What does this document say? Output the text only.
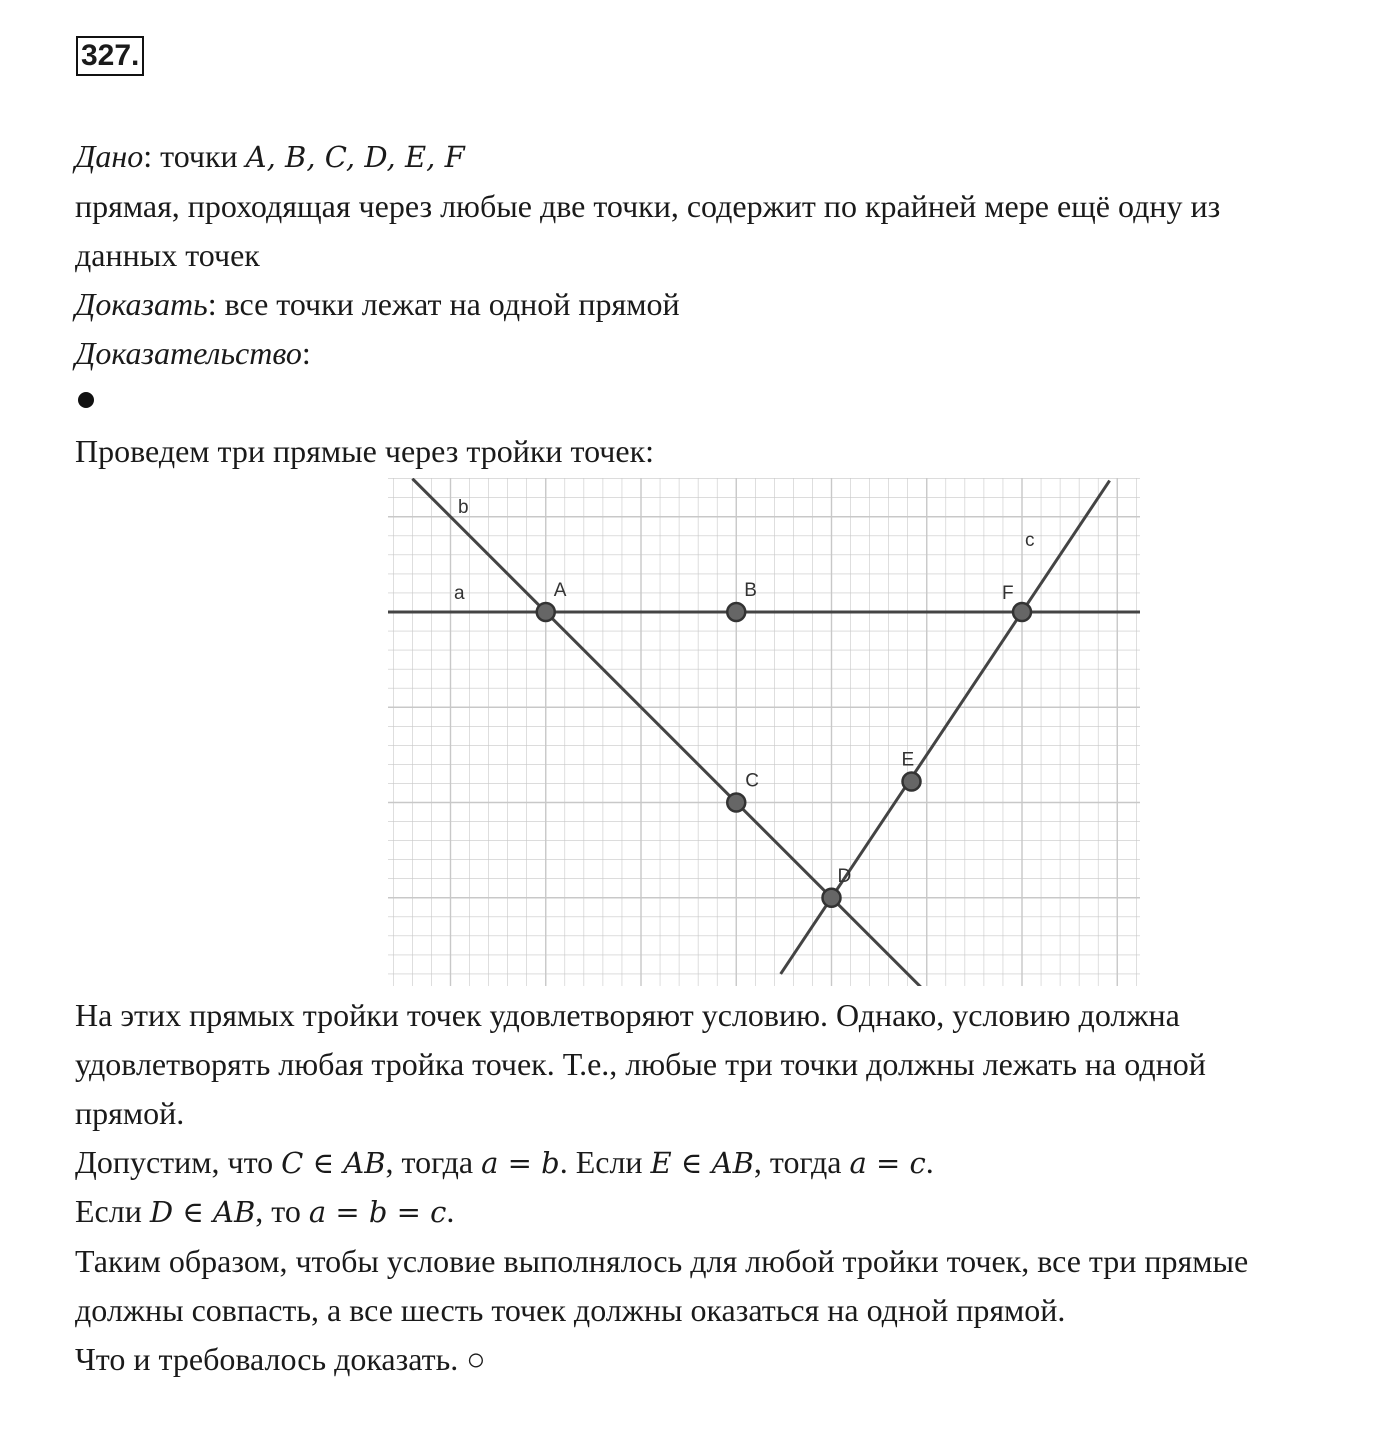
327.
Дано: точки A, B, C, D, E, F
прямая, проходящая через любые две точки, содержит по крайней мере ещё одну из
данных точек
Доказать: все точки лежат на одной прямой
Доказательство:
Проведем три прямые через тройки точек:
A	B	F
C
D
E
a
b
c
На этих прямых тройки точек удовлетворяют условию. Однако, условию должна
удовлетворять любая тройка точек. Т.е., любые три точки должны лежать на одной
прямой.
Допустим, что C ∈ AB, тогда a = b. Если E ∈ AB, тогда a = c.
Если D ∈ AB, то a = b = c.
Таким образом, чтобы условие выполнялось для любой тройки точек, все три прямые
должны совпасть, а все шесть точек должны оказаться на одной прямой.
Что и требовалось доказать. ○
